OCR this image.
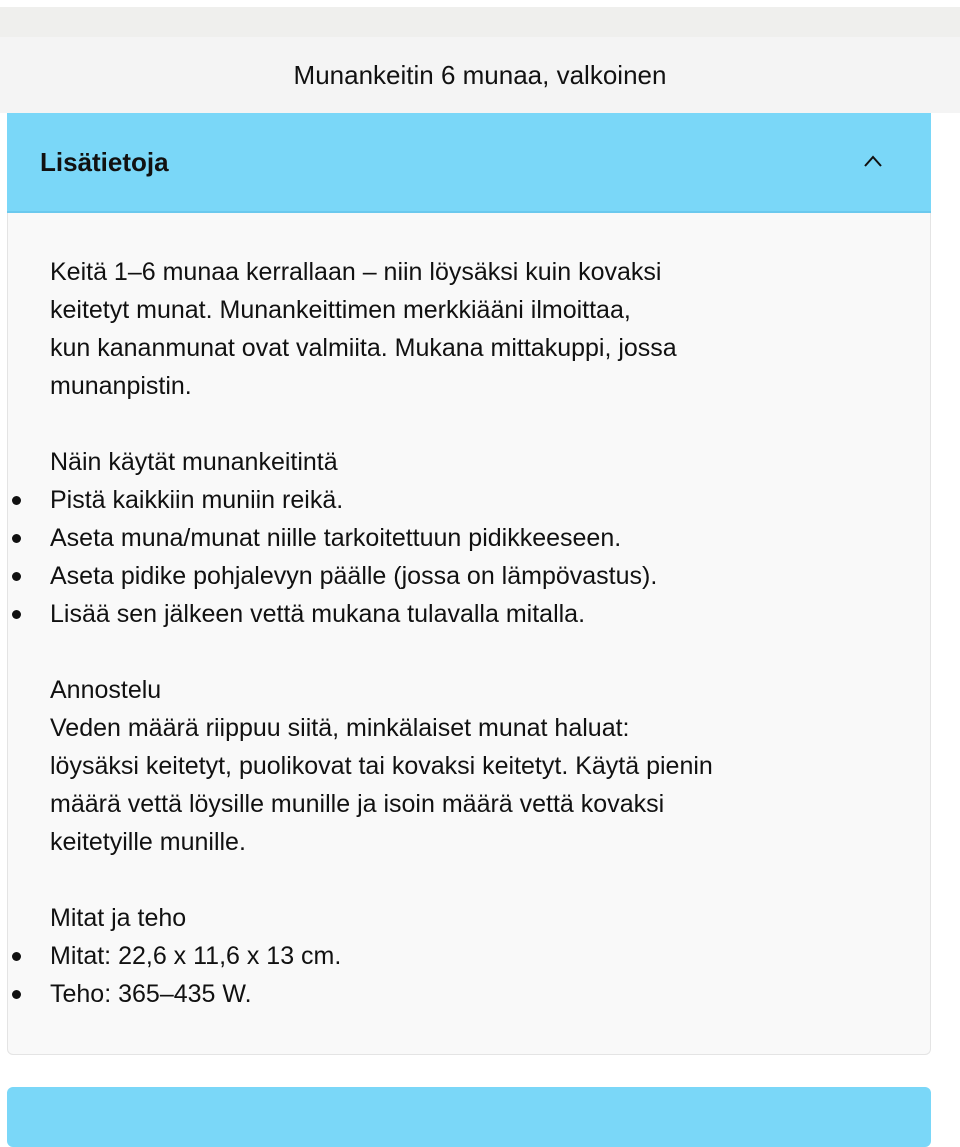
Munankeitin 6 munaa, valkoinen
Lisätietoja

Keitä 1–6 munaa kerrallaan – niin löysäksi kuin kovaksi

keitetyt munat. Munankeittimen merkkiääni ilmoittaa,

kun kananmunat ovat valmiita. Mukana mittakuppi, jossa

munanpistin.

Näin käytät munankeitintä

Pistä kaikkiin muniin reikä.
Aseta muna/munat niille tarkoitettuun pidikkeeseen.
Aseta pidike pohjalevyn päälle (jossa on lämpövastus).
Lisää sen jälkeen vettä mukana tulavalla mitalla.

Annostelu

Veden määrä riippuu siitä, minkälaiset munat haluat:

löysäksi keitetyt, puolikovat tai kovaksi keitetyt. Käytä pienin

määrä vettä löysille munille ja isoin määrä vettä kovaksi

keitetyille munille.

Mitat ja teho

Mitat: 22,6 x 11,6 x 13 cm.
Teho: 365–435 W.
